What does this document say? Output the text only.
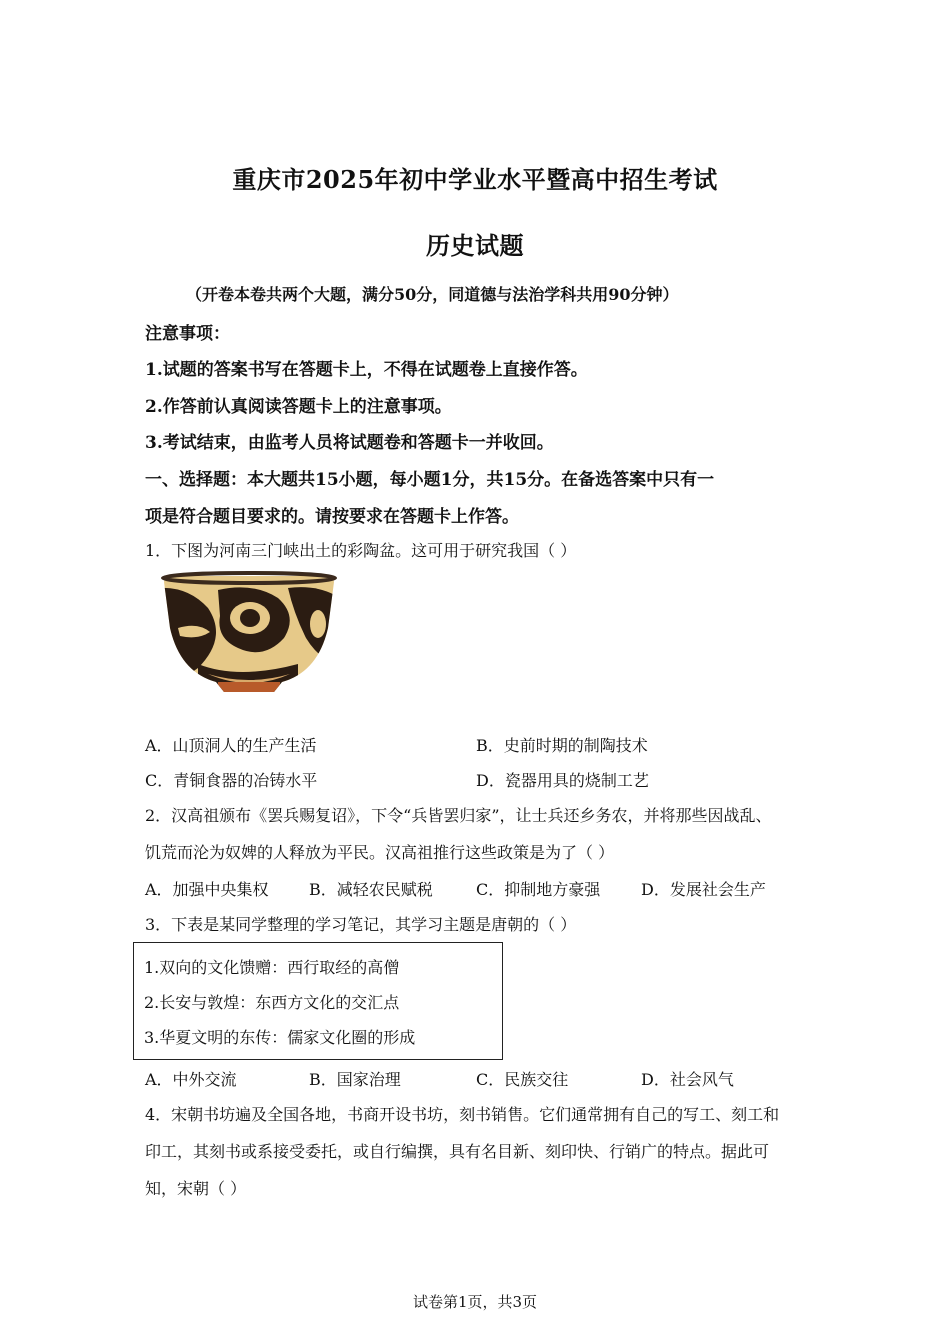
重庆市2025年初中学业水平暨高中招生考试
历史试题
（开卷本卷共两个大题，满分50分，同道德与法治学科共用90分钟）
注意事项：
1.试题的答案书写在答题卡上，不得在试题卷上直接作答。
2.作答前认真阅读答题卡上的注意事项。
3.考试结束，由监考人员将试题卷和答题卡一并收回。
一、选择题：本大题共15小题，每小题1分，共15分。在备选答案中只有一
项是符合题目要求的。请按要求在答题卡上作答。
1．下图为河南三门峡出土的彩陶盆。这可用于研究我国（ ）
A．山顶洞人的生产生活	B．史前时期的制陶技术
C．青铜食器的冶铸水平	D．瓷器用具的烧制工艺
2．汉高祖颁布《罢兵赐复诏》，下令“兵皆罢归家”，让士兵还乡务农，并将那些因战乱、
饥荒而沦为奴婢的人释放为平民。汉高祖推行这些政策是为了（ ）
A．加强中央集权	B．减轻农民赋税	C．抑制地方豪强	D．发展社会生产
3．下表是某同学整理的学习笔记，其学习主题是唐朝的（ ）
1.双向的文化馈赠：西行取经的高僧
2.长安与敦煌：东西方文化的交汇点
3.华夏文明的东传：儒家文化圈的形成
A．中外交流	B．国家治理	C．民族交往	D．社会风气
4．宋朝书坊遍及全国各地，书商开设书坊，刻书销售。它们通常拥有自己的写工、刻工和
印工，其刻书或系接受委托，或自行编撰，具有名目新、刻印快、行销广的特点。据此可
知，宋朝（ ）
试卷第1页，共3页
